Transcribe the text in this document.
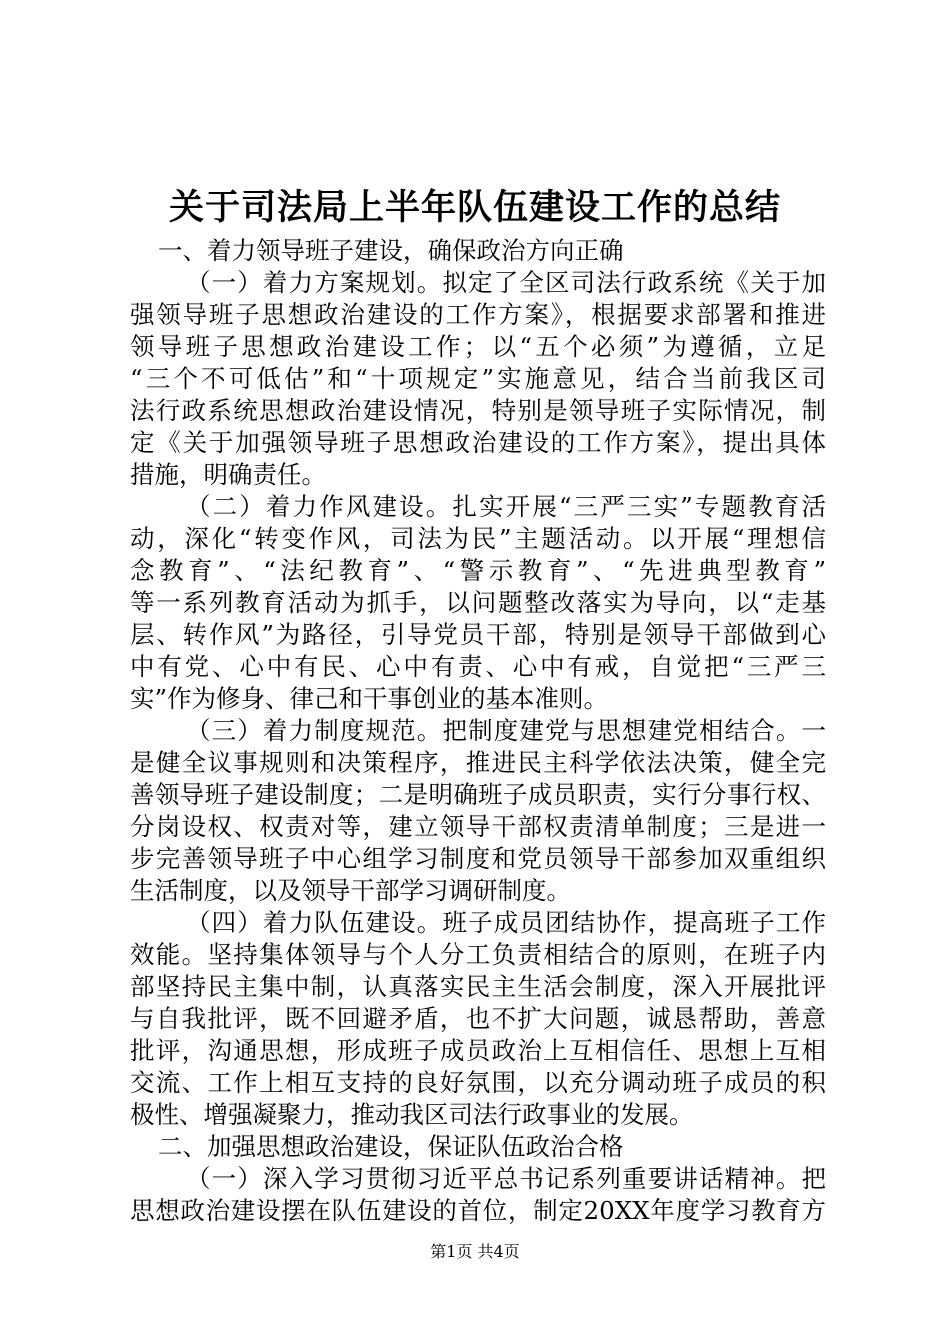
关于司法局上半年队伍建设工作的总结
一、着力领导班子建设，确保政治方向正确
（一）着力方案规划。拟定了全区司法行政系统《关于加
强领导班子思想政治建设的工作方案》，根据要求部署和推进
领导班子思想政治建设工作；以“五个必须”为遵循，立足
“三个不可低估”和“十项规定”实施意见，结合当前我区司
法行政系统思想政治建设情况，特别是领导班子实际情况，制
定《关于加强领导班子思想政治建设的工作方案》，提出具体
措施，明确责任。
（二）着力作风建设。扎实开展“三严三实”专题教育活
动，深化“转变作风，司法为民”主题活动。以开展“理想信
念教育”、“法纪教育”、“警示教育”、“先进典型教育”
等一系列教育活动为抓手，以问题整改落实为导向，以“走基
层、转作风”为路径，引导党员干部，特别是领导干部做到心
中有党、心中有民、心中有责、心中有戒，自觉把“三严三
实”作为修身、律己和干事创业的基本准则。
（三）着力制度规范。把制度建党与思想建党相结合。一
是健全议事规则和决策程序，推进民主科学依法决策，健全完
善领导班子建设制度；二是明确班子成员职责，实行分事行权、
分岗设权、权责对等，建立领导干部权责清单制度；三是进一
步完善领导班子中心组学习制度和党员领导干部参加双重组织
生活制度，以及领导干部学习调研制度。
（四）着力队伍建设。班子成员团结协作，提高班子工作
效能。坚持集体领导与个人分工负责相结合的原则，在班子内
部坚持民主集中制，认真落实民主生活会制度，深入开展批评
与自我批评，既不回避矛盾，也不扩大问题，诚恳帮助，善意
批评，沟通思想，形成班子成员政治上互相信任、思想上互相
交流、工作上相互支持的良好氛围，以充分调动班子成员的积
极性、增强凝聚力，推动我区司法行政事业的发展。
二、加强思想政治建设，保证队伍政治合格
（一）深入学习贯彻习近平总书记系列重要讲话精神。把
思想政治建设摆在队伍建设的首位，制定20XX年度学习教育方
第1页 共4页
